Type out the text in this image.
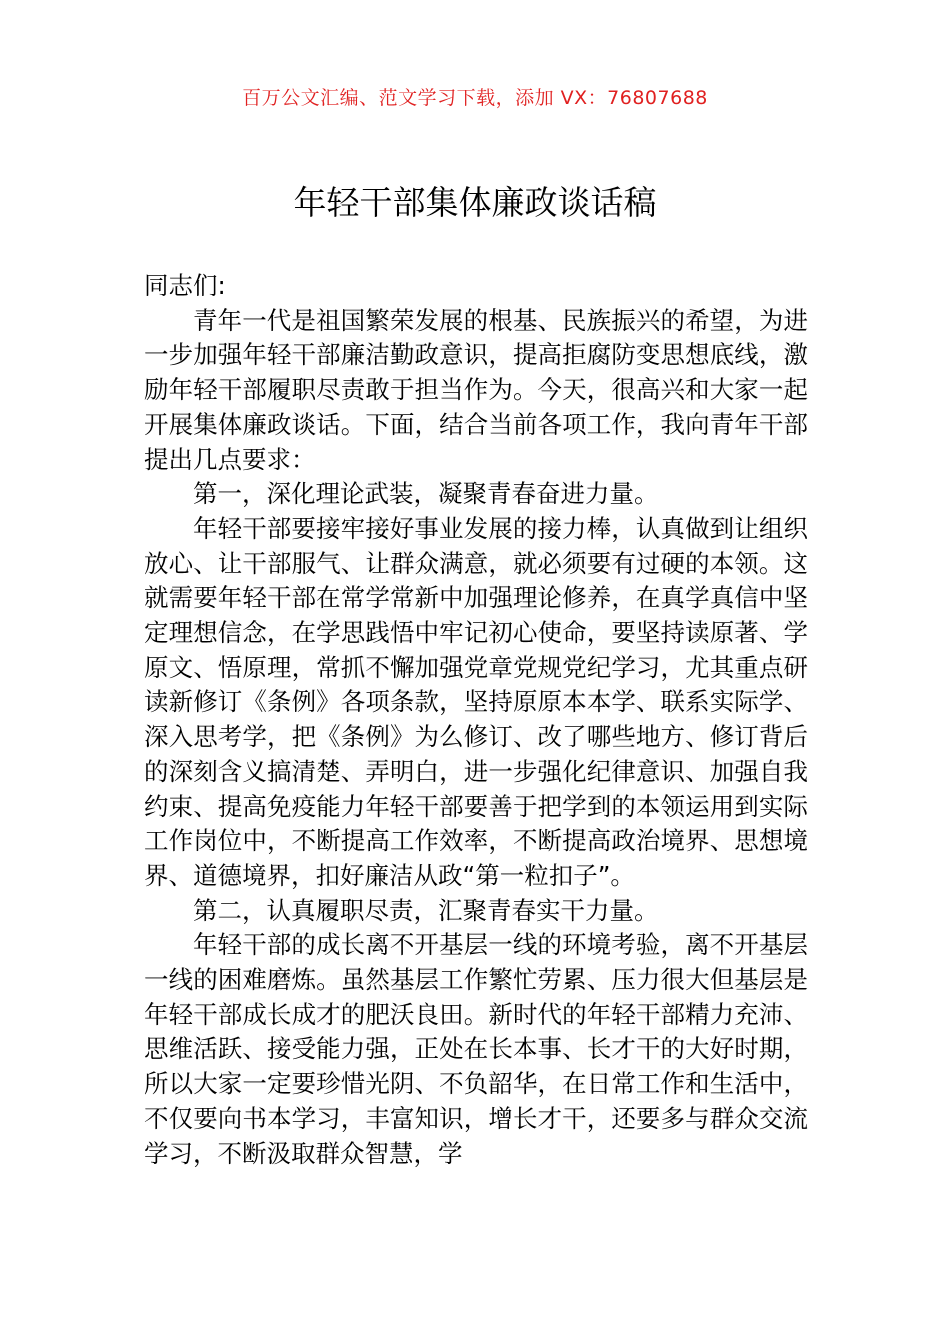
百万公文汇编、范文学习下载，添加 VX：76807688
年轻干部集体廉政谈话稿

同志们:

青年一代是祖国繁荣发展的根基、民族振兴的希望，为进一步加强年轻干部廉洁勤政意识，提高拒腐防变思想底线，激励年轻干部履职尽责敢于担当作为。今天，很高兴和大家一起开展集体廉政谈话。下面，结合当前各项工作，我向青年干部提出几点要求：

第一，深化理论武装，凝聚青春奋进力量。

年轻干部要接牢接好事业发展的接力棒，认真做到让组织放心、让干部服气、让群众满意，就必须要有过硬的本领。这就需要年轻干部在常学常新中加强理论修养，在真学真信中坚定理想信念，在学思践悟中牢记初心使命，要坚持读原著、学原文、悟原理，常抓不懈加强党章党规党纪学习，尤其重点研读新修订《条例》各项条款，坚持原原本本学、联系实际学、深入思考学，把《条例》为么修订、改了哪些地方、修订背后的深刻含义搞清楚、弄明白，进一步强化纪律意识、加强自我约束、提高免疫能力年轻干部要善于把学到的本领运用到实际工作岗位中，不断提高工作效率，不断提高政治境界、思想境界、道德境界，扣好廉洁从政“第一粒扣子”。

第二，认真履职尽责，汇聚青春实干力量。

年轻干部的成长离不开基层一线的环境考验，离不开基层一线的困难磨炼。虽然基层工作繁忙劳累、压力很大但基层是年轻干部成长成才的肥沃良田。新时代的年轻干部精力充沛、思维活跃、接受能力强，正处在长本事、长才干的大好时期，所以大家一定要珍惜光阴、不负韶华，在日常工作和生活中，不仅要向书本学习，丰富知识，增长才干，还要多与群众交流学习，不断汲取群众智慧，学
